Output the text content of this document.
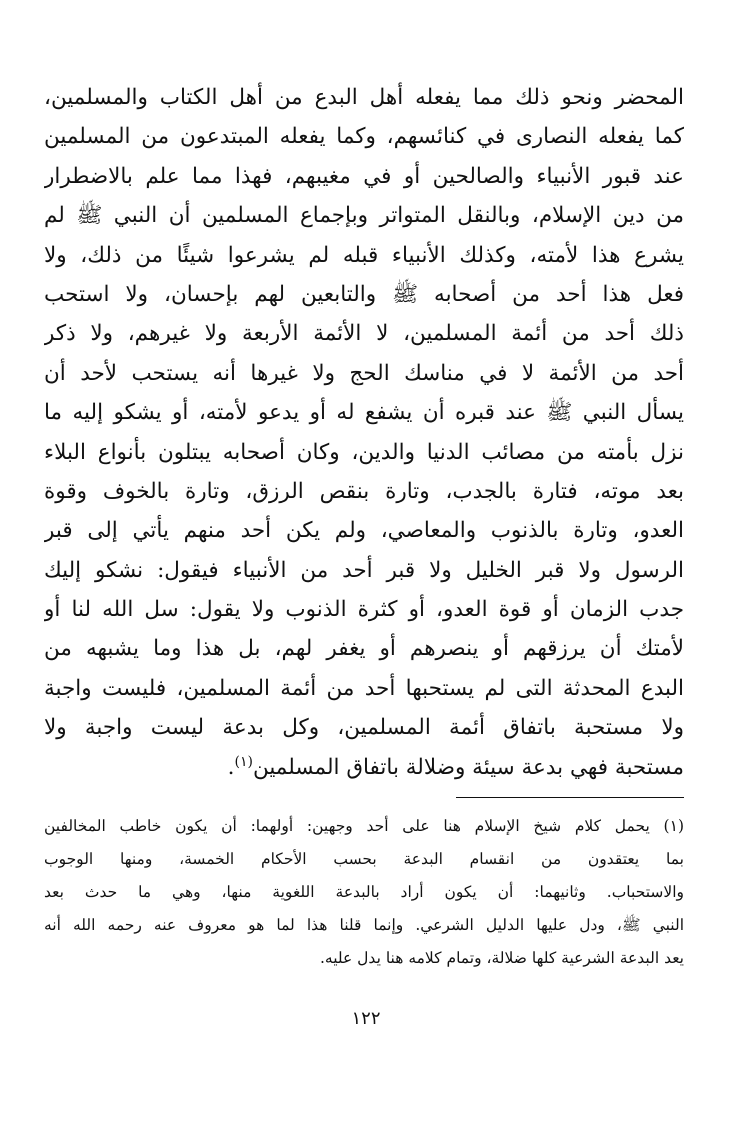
المحضر ونحو ذلك مما يفعله أهل البدع من أهل الكتاب والمسلمين،
كما يفعله النصارى في كنائسهم، وكما يفعله المبتدعون من المسلمين
عند قبور الأنبياء والصالحين أو في مغيبهم، فهذا مما علم بالاضطرار
من دين الإسلام، وبالنقل المتواتر وبإجماع المسلمين أن النبي ﷺ لم
يشرع هذا لأمته، وكذلك الأنبياء قبله لم يشرعوا شيئًا من ذلك، ولا
فعل هذا أحد من أصحابه ﷺ والتابعين لهم بإحسان، ولا استحب
ذلك أحد من أئمة المسلمين، لا الأئمة الأربعة ولا غيرهم، ولا ذكر
أحد من الأئمة لا في مناسك الحج ولا غيرها أنه يستحب لأحد أن
يسأل النبي ﷺ عند قبره أن يشفع له أو يدعو لأمته، أو يشكو إليه ما
نزل بأمته من مصائب الدنيا والدين، وكان أصحابه يبتلون بأنواع البلاء
بعد موته، فتارة بالجدب، وتارة بنقص الرزق، وتارة بالخوف وقوة
العدو، وتارة بالذنوب والمعاصي، ولم يكن أحد منهم يأتي إلى قبر
الرسول ولا قبر الخليل ولا قبر أحد من الأنبياء فيقول: نشكو إليك
جدب الزمان أو قوة العدو، أو كثرة الذنوب ولا يقول: سل الله لنا أو
لأمتك أن يرزقهم أو ينصرهم أو يغفر لهم، بل هذا وما يشبهه من
البدع المحدثة التى لم يستحبها أحد من أئمة المسلمين، فليست واجبة
ولا مستحبة باتفاق أئمة المسلمين، وكل بدعة ليست واجبة ولا
مستحبة فهي بدعة سيئة وضلالة باتفاق المسلمين$^{(١)}$.
(١) يحمل كلام شيخ الإسلام هنا على أحد وجهين: أولهما: أن يكون خاطب المخالفين
بما يعتقدون من انقسام البدعة بحسب الأحكام الخمسة، ومنها الوجوب
والاستحباب. وثانيهما: أن يكون أراد بالبدعة اللغوية منها، وهي ما حدث بعد
النبي ﷺ، ودل عليها الدليل الشرعي. وإنما قلنا هذا لما هو معروف عنه رحمه الله أنه
يعد البدعة الشرعية كلها ضلالة، وتمام كلامه هنا يدل عليه.
١٢٢
